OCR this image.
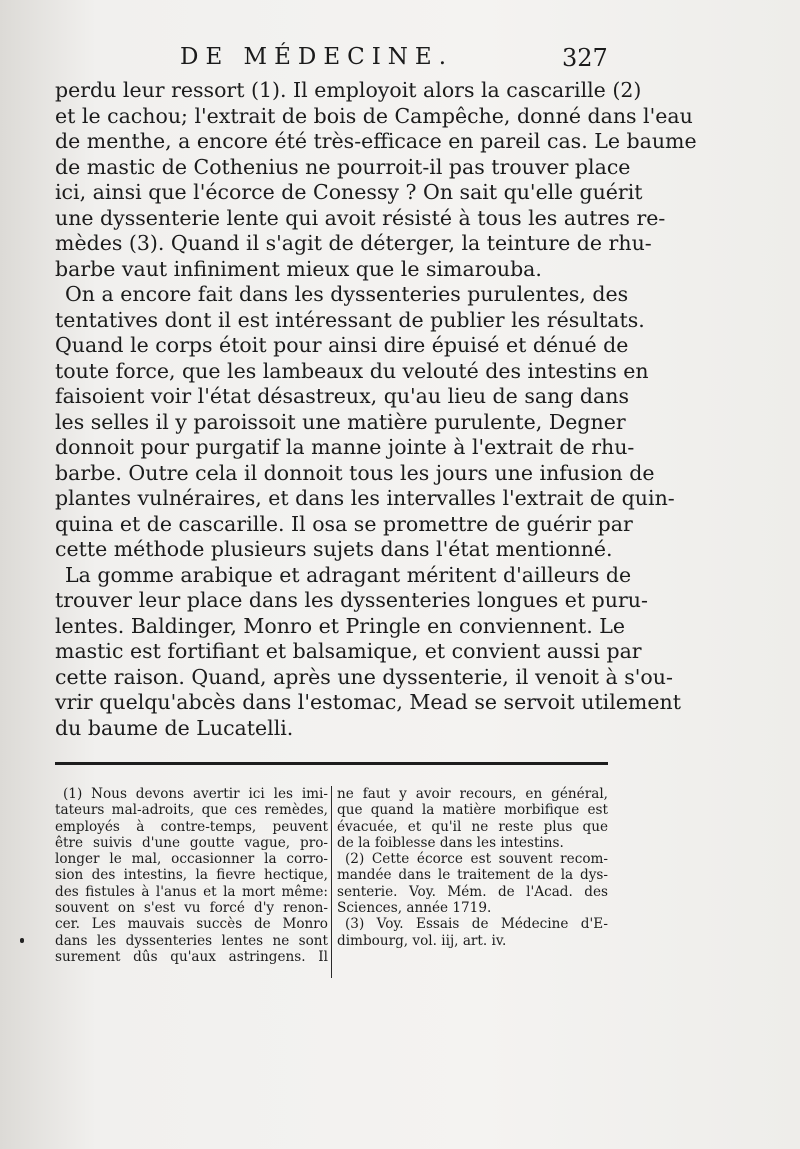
DE MÉDECINE.	327
perdu leur ressort (1). Il employoit alors la cascarille (2)
et le cachou; l'extrait de bois de Campêche, donné dans l'eau
de menthe, a encore été très-efficace en pareil cas. Le baume
de mastic de Cothenius ne pourroit-il pas trouver place
ici, ainsi que l'écorce de Conessy ? On sait qu'elle guérit
une dyssenterie lente qui avoit résisté à tous les autres re-
mèdes (3). Quand il s'agit de déterger, la teinture de rhu-
barbe vaut infiniment mieux que le simarouba.
On a encore fait dans les dyssenteries purulentes, des
tentatives dont il est intéressant de publier les résultats.
Quand le corps étoit pour ainsi dire épuisé et dénué de
toute force, que les lambeaux du velouté des intestins en
faisoient voir l'état désastreux, qu'au lieu de sang dans
les selles il y paroissoit une matière purulente, Degner
donnoit pour purgatif la manne jointe à l'extrait de rhu-
barbe. Outre cela il donnoit tous les jours une infusion de
plantes vulnéraires, et dans les intervalles l'extrait de quin-
quina et de cascarille. Il osa se promettre de guérir par
cette méthode plusieurs sujets dans l'état mentionné.
La gomme arabique et adragant méritent d'ailleurs de
trouver leur place dans les dyssenteries longues et puru-
lentes. Baldinger, Monro et Pringle en conviennent. Le
mastic est fortifiant et balsamique, et convient aussi par
cette raison. Quand, après une dyssenterie, il venoit à s'ou-
vrir quelqu'abcès dans l'estomac, Mead se servoit utilement
du baume de Lucatelli.
(1) Nous devons avertir ici les imi-
tateurs mal-adroits, que ces remèdes,
employés à contre-temps, peuvent
être suivis d'une goutte vague, pro-
longer le mal, occasionner la corro-
sion des intestins, la fievre hectique,
des fistules à l'anus et la mort même:
souvent on s'est vu forcé d'y renon-
cer. Les mauvais succès de Monro
dans les dyssenteries lentes ne sont
surement dûs qu'aux astringens. Il
ne faut y avoir recours, en général,
que quand la matière morbifique est
évacuée, et qu'il ne reste plus que
de la foiblesse dans les intestins.
(2) Cette écorce est souvent recom-
mandée dans le traitement de la dys-
senterie. Voy. Mém. de l'Acad. des
Sciences, année 1719.
(3) Voy. Essais de Médecine d'E-
dimbourg, vol. iij, art. iv.
